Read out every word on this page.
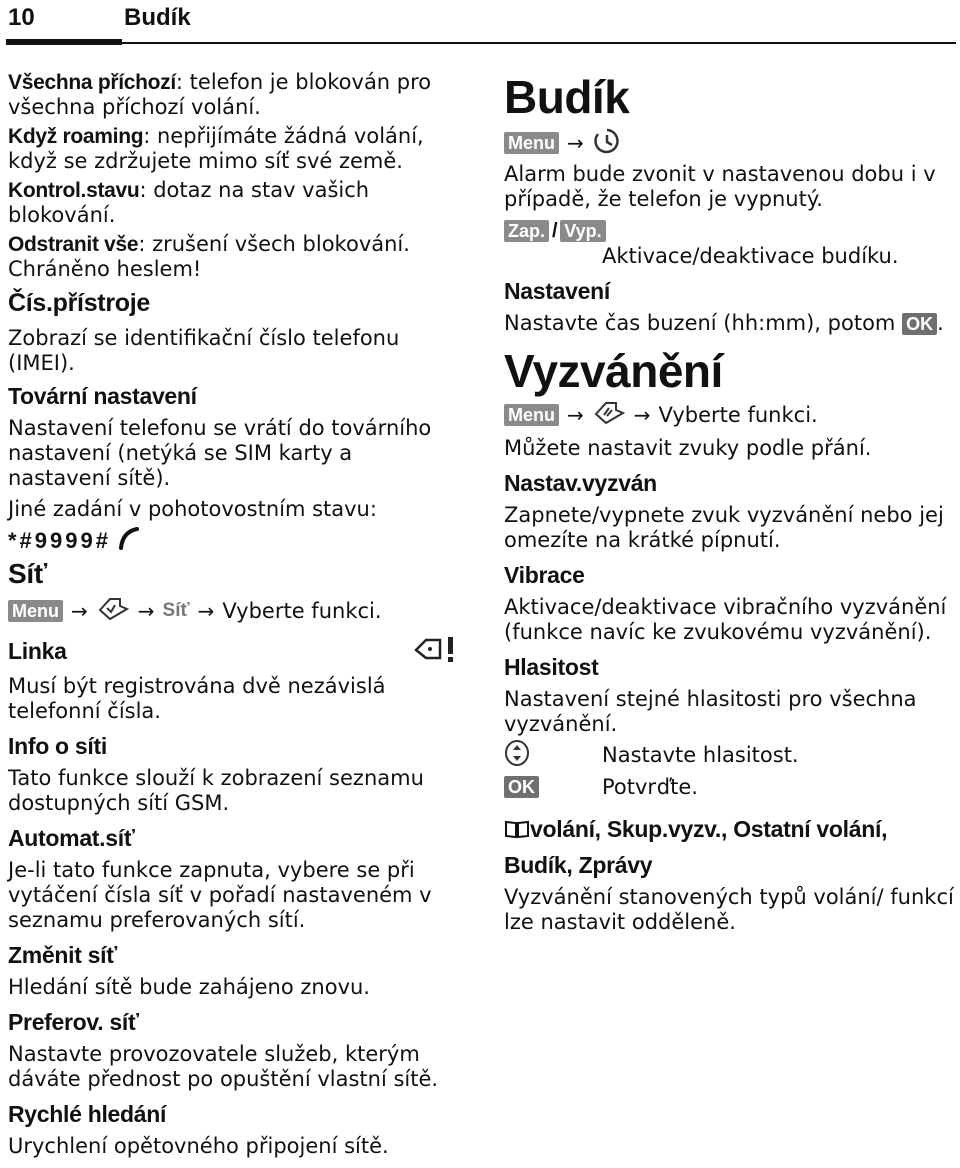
10	Budík

Všechna příchozí: telefon je blokován pro všechna příchozí volání.

Když roaming: nepřijímáte žádná volání, když se zdržujete mimo síť své země.

Kontrol.stavu: dotaz na stav vašich blokování.

Odstranit vše: zrušení všech blokování. Chráněno heslem!

Čís.přístroje

Zobrazí se identifikační číslo telefonu (IMEI).

Tovární nastavení

Nastavení telefonu se vrátí do továrního nastavení (netýká se SIM karty a nastavení sítě).

Jiné zadání v pohotovostním stavu:

*#9999#

Síť

Menu →	→ Síť → Vyberte funkci.
Linka

Musí být registrována dvě nezávislá telefonní čísla.

Info o síti

Tato funkce slouží k zobrazení seznamu dostupných sítí GSM.

Automat.síť

Je-li tato funkce zapnuta, vybere se při vytáčení čísla síť v pořadí nastaveném v seznamu preferovaných sítí.

Změnit síť

Hledání sítě bude zahájeno znovu.

Preferov. síť

Nastavte provozovatele služeb, kterým dáváte přednost po opuštění vlastní sítě.

Rychlé hledání

Urychlení opětovného připojení sítě.

Budík

Menu →

Alarm bude zvonit v nastavenou dobu i v případě, že telefon je vypnutý.

Zap. / Vyp.

Aktivace/deaktivace budíku.

Nastavení

Nastavte čas buzení (hh:mm), potom OK .

Vyzvánění

Menu →	→ Vyberte funkci.

Můžete nastavit zvuky podle přání.

Nastav.vyzván

Zapnete/vypnete zvuk vyzvánění nebo jej omezíte na krátké pípnutí.

Vibrace

Aktivace/deaktivace vibračního vyzvánění (funkce navíc ke zvukovému vyzvánění).

Hlasitost

Nastavení stejné hlasitosti pro všechna vyzvánění.

Nastavte hlasitost.
OK	Potvrďte.

volání, Skup.vyzv., Ostatní volání,

Budík, Zprávy

Vyzvánění stanovených typů volání/ funkcí lze nastavit odděleně.
